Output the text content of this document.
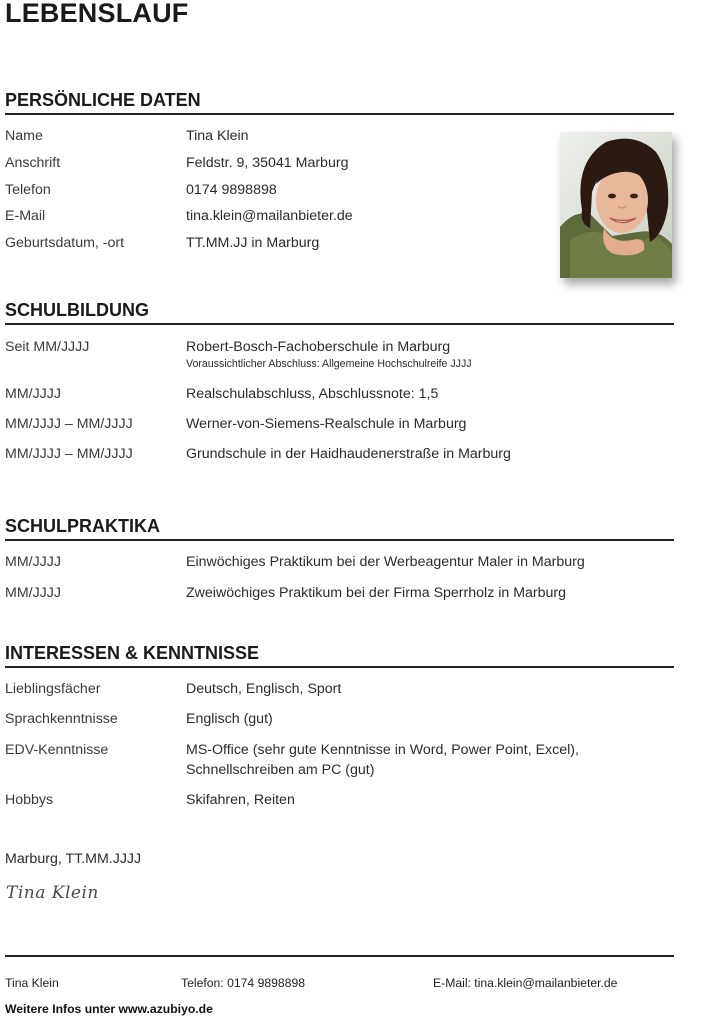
LEBENSLAUF
PERSÖNLICHE DATEN
Name	Tina Klein
Anschrift	Feldstr. 9, 35041 Marburg
Telefon	0174 9898898
E-Mail	tina.klein@mailanbieter.de
Geburtsdatum, -ort	TT.MM.JJ in Marburg
SCHULBILDUNG
Seit MM/JJJJ	Robert-Bosch-Fachoberschule in Marburg
Voraussichtlicher Abschluss: Allgemeine Hochschulreife JJJJ
MM/JJJJ	Realschulabschluss, Abschlussnote: 1,5
MM/JJJJ – MM/JJJJ	Werner-von-Siemens-Realschule in Marburg
MM/JJJJ – MM/JJJJ	Grundschule in der Haidhaudenerstraße in Marburg
SCHULPRAKTIKA
MM/JJJJ	Einwöchiges Praktikum bei der Werbeagentur Maler in Marburg
MM/JJJJ	Zweiwöchiges Praktikum bei der Firma Sperrholz in Marburg
INTERESSEN & KENNTNISSE
Lieblingsfächer	Deutsch, Englisch, Sport
Sprachkenntnisse	Englisch (gut)
EDV-Kenntnisse	MS-Office (sehr gute Kenntnisse in Word, Power Point, Excel),
Schnellschreiben am PC (gut)
Hobbys	Skifahren, Reiten
Marburg, TT.MM.JJJJ
Tina Klein
Tina Klein	Telefon: 0174 9898898	E-Mail: tina.klein@mailanbieter.de
Weitere Infos unter www.azubiyo.de
